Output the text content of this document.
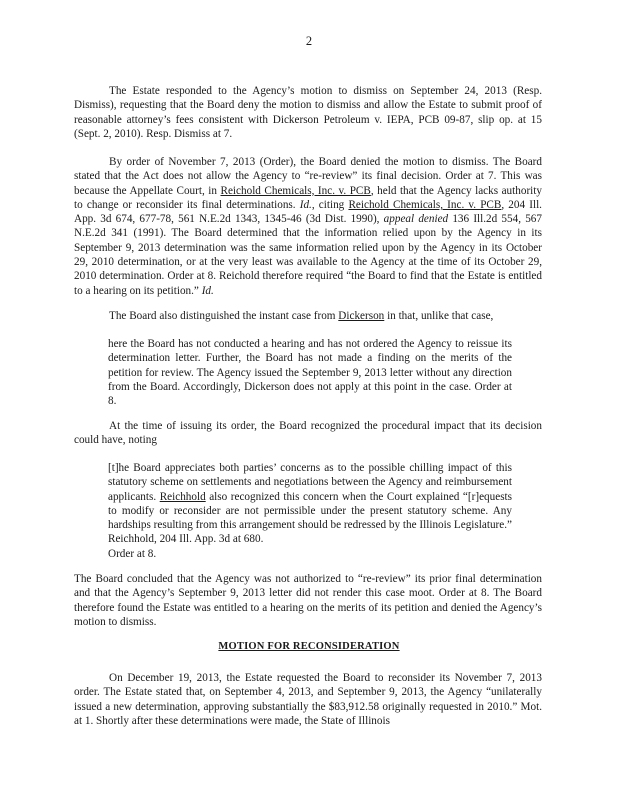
2

The Estate responded to the Agency’s motion to dismiss on September 24, 2013 (Resp. Dismiss), requesting that the Board deny the motion to dismiss and allow the Estate to submit proof of reasonable attorney’s fees consistent with Dickerson Petroleum v. IEPA, PCB 09-87, slip op. at 15 (Sept. 2, 2010). Resp. Dismiss at 7.

By order of November 7, 2013 (Order), the Board denied the motion to dismiss. The Board stated that the Act does not allow the Agency to “re-review” its final decision. Order at 7. This was because the Appellate Court, in Reichold Chemicals, Inc. v. PCB, held that the Agency lacks authority to change or reconsider its final determinations. Id., citing Reichold Chemicals, Inc. v. PCB, 204 Ill. App. 3d 674, 677-78, 561 N.E.2d 1343, 1345-46 (3d Dist. 1990), appeal denied 136 Ill.2d 554, 567 N.E.2d 341 (1991). The Board determined that the information relied upon by the Agency in its September 9, 2013 determination was the same information relied upon by the Agency in its October 29, 2010 determination, or at the very least was available to the Agency at the time of its October 29, 2010 determination. Order at 8. Reichold therefore required “the Board to find that the Estate is entitled to a hearing on its petition.” Id.

The Board also distinguished the instant case from Dickerson in that, unlike that case,

here the Board has not conducted a hearing and has not ordered the Agency to reissue its determination letter. Further, the Board has not made a finding on the merits of the petition for review. The Agency issued the September 9, 2013 letter without any direction from the Board. Accordingly, Dickerson does not apply at this point in the case. Order at 8.

At the time of issuing its order, the Board recognized the procedural impact that its decision could have, noting

[t]he Board appreciates both parties’ concerns as to the possible chilling impact of this statutory scheme on settlements and negotiations between the Agency and reimbursement applicants. Reichhold also recognized this concern when the Court explained “[r]equests to modify or reconsider are not permissible under the present statutory scheme. Any hardships resulting from this arrangement should be redressed by the Illinois Legislature.” Reichhold, 204 Ill. App. 3d at 680.
Order at 8.

The Board concluded that the Agency was not authorized to “re-review” its prior final determination and that the Agency’s September 9, 2013 letter did not render this case moot. Order at 8. The Board therefore found the Estate was entitled to a hearing on the merits of its petition and denied the Agency’s motion to dismiss.

MOTION FOR RECONSIDERATION

On December 19, 2013, the Estate requested the Board to reconsider its November 7, 2013 order. The Estate stated that, on September 4, 2013, and September 9, 2013, the Agency “unilaterally issued a new determination, approving substantially the $83,912.58 originally requested in 2010.” Mot. at 1. Shortly after these determinations were made, the State of Illinois
